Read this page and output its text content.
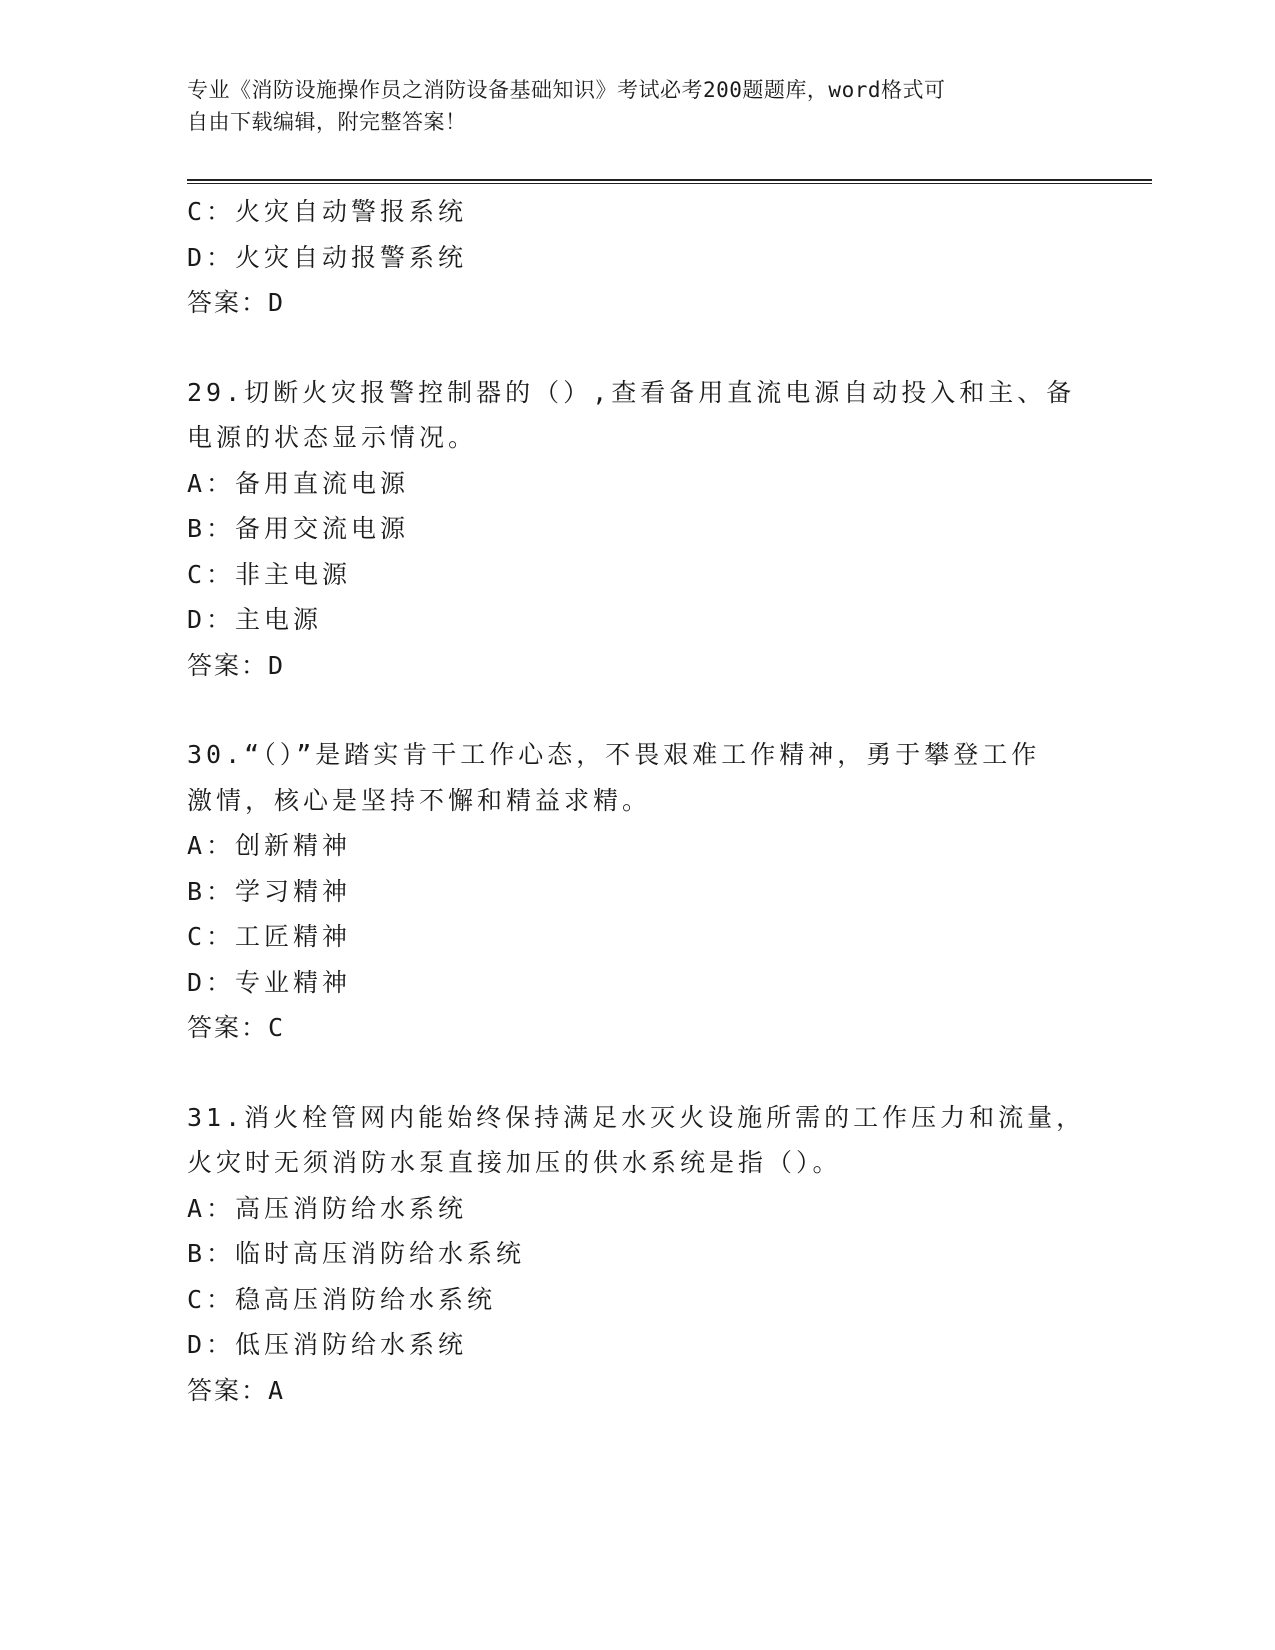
专业《消防设施操作员之消防设备基础知识》考试必考200题题库，word格式可

自由下载编辑，附完整答案！

C：火灾自动警报系统
D：火灾自动报警系统
答案：D
29.切断火灾报警控制器的（）,查看备用直流电源自动投入和主、备
电源的状态显示情况。
A：备用直流电源
B：备用交流电源
C：非主电源
D：主电源
答案：D
30.“（）”是踏实肯干工作心态，不畏艰难工作精神，勇于攀登工作
激情，核心是坚持不懈和精益求精。
A：创新精神
B：学习精神
C：工匠精神
D：专业精神
答案：C
31.消火栓管网内能始终保持满足水灭火设施所需的工作压力和流量，
火灾时无须消防水泵直接加压的供水系统是指（）。
A：高压消防给水系统
B：临时高压消防给水系统
C：稳高压消防给水系统
D：低压消防给水系统
答案：A
